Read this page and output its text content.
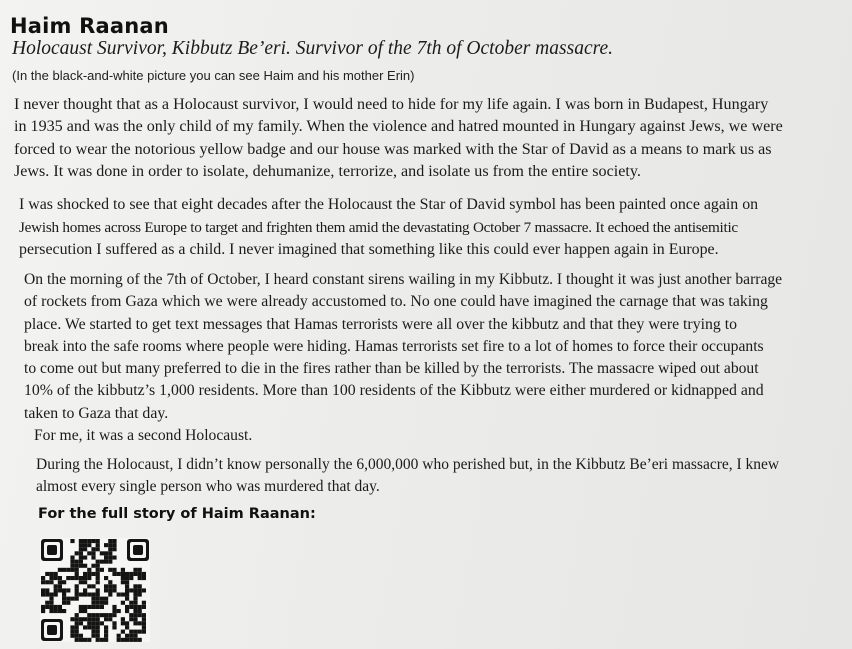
Haim Raanan
Holocaust Survivor, Kibbutz Be’eri. Survivor of the 7th of October massacre.
(In the black-and-white picture you can see Haim and his mother Erin)
I never thought that as a Holocaust survivor, I would need to hide for my life again. I was born in Budapest, Hungary
in 1935 and was the only child of my family. When the violence and hatred mounted in Hungary against Jews, we were
forced to wear the notorious yellow badge and our house was marked with the Star of David as a means to mark us as
Jews. It was done in order to isolate, dehumanize, terrorize, and isolate us from the entire society.
I was shocked to see that eight decades after the Holocaust the Star of David symbol has been painted once again on
Jewish homes across Europe to target and frighten them amid the devastating October 7 massacre. It echoed the antisemitic
persecution I suffered as a child. I never imagined that something like this could ever happen again in Europe.
On the morning of the 7th of October, I heard constant sirens wailing in my Kibbutz. I thought it was just another barrage
of rockets from Gaza which we were already accustomed to. No one could have imagined the carnage that was taking
place. We started to get text messages that Hamas terrorists were all over the kibbutz and that they were trying to
break into the safe rooms where people were hiding. Hamas terrorists set fire to a lot of homes to force their occupants
to come out but many preferred to die in the fires rather than be killed by the terrorists. The massacre wiped out about
10% of the kibbutz’s 1,000 residents. More than 100 residents of the Kibbutz were either murdered or kidnapped and
taken to Gaza that day.
For me, it was a second Holocaust.
During the Holocaust, I didn’t know personally the 6,000,000 who perished but, in the Kibbutz Be’eri massacre, I knew
almost every single person who was murdered that day.
For the full story of Haim Raanan:
